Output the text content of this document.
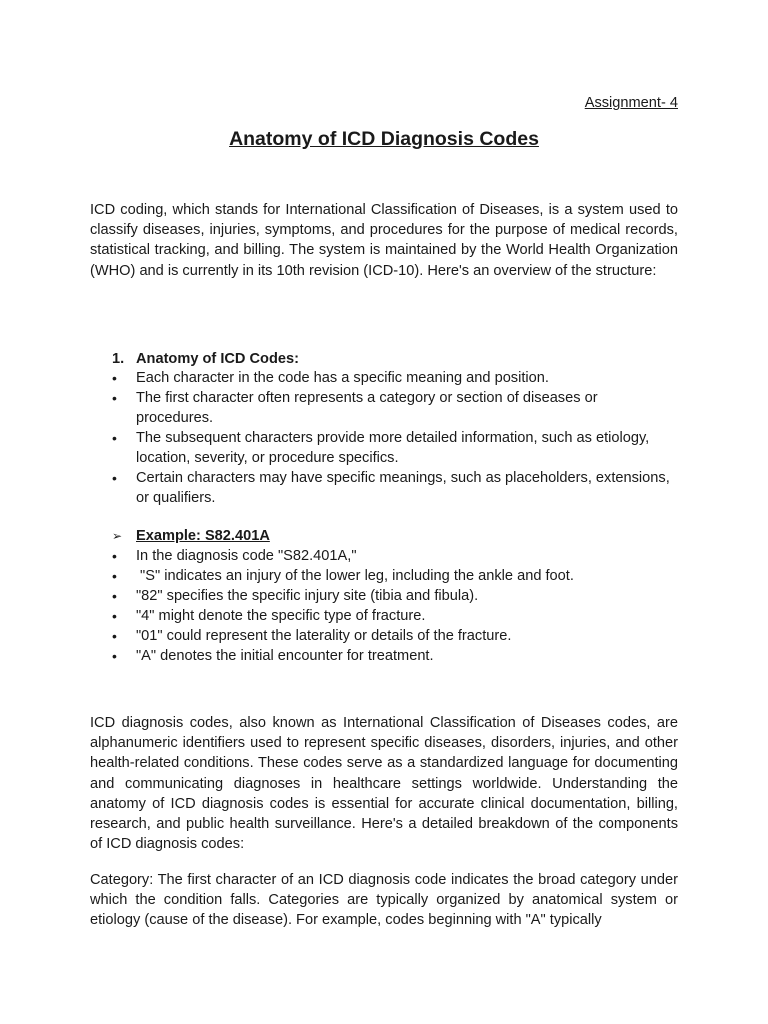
Assignment- 4
Anatomy of ICD Diagnosis Codes

ICD coding, which stands for International Classification of Diseases, is a system used to classify diseases, injuries, symptoms, and procedures for the purpose of medical records, statistical tracking, and billing. The system is maintained by the World Health Organization (WHO) and is currently in its 10th revision (ICD-10). Here's an overview of the structure:

1. Anatomy of ICD Codes:
•	Each character in the code has a specific meaning and position.
•	The first character often represents a category or section of diseases or procedures.
•	The subsequent characters provide more detailed information, such as etiology, location, severity, or procedure specifics.
•	Certain characters may have specific meanings, such as placeholders, extensions, or qualifiers.
➢ Example: S82.401A
•	In the diagnosis code "S82.401A,"
•	"S" indicates an injury of the lower leg, including the ankle and foot.
•	"82" specifies the specific injury site (tibia and fibula).
•	"4" might denote the specific type of fracture.
•	"01" could represent the laterality or details of the fracture.
•	"A" denotes the initial encounter for treatment.

ICD diagnosis codes, also known as International Classification of Diseases codes, are alphanumeric identifiers used to represent specific diseases, disorders, injuries, and other health-related conditions. These codes serve as a standardized language for documenting and communicating diagnoses in healthcare settings worldwide. Understanding the anatomy of ICD diagnosis codes is essential for accurate clinical documentation, billing, research, and public health surveillance. Here's a detailed breakdown of the components of ICD diagnosis codes:

Category: The first character of an ICD diagnosis code indicates the broad category under which the condition falls. Categories are typically organized by anatomical system or etiology (cause of the disease). For example, codes beginning with "A" typically
